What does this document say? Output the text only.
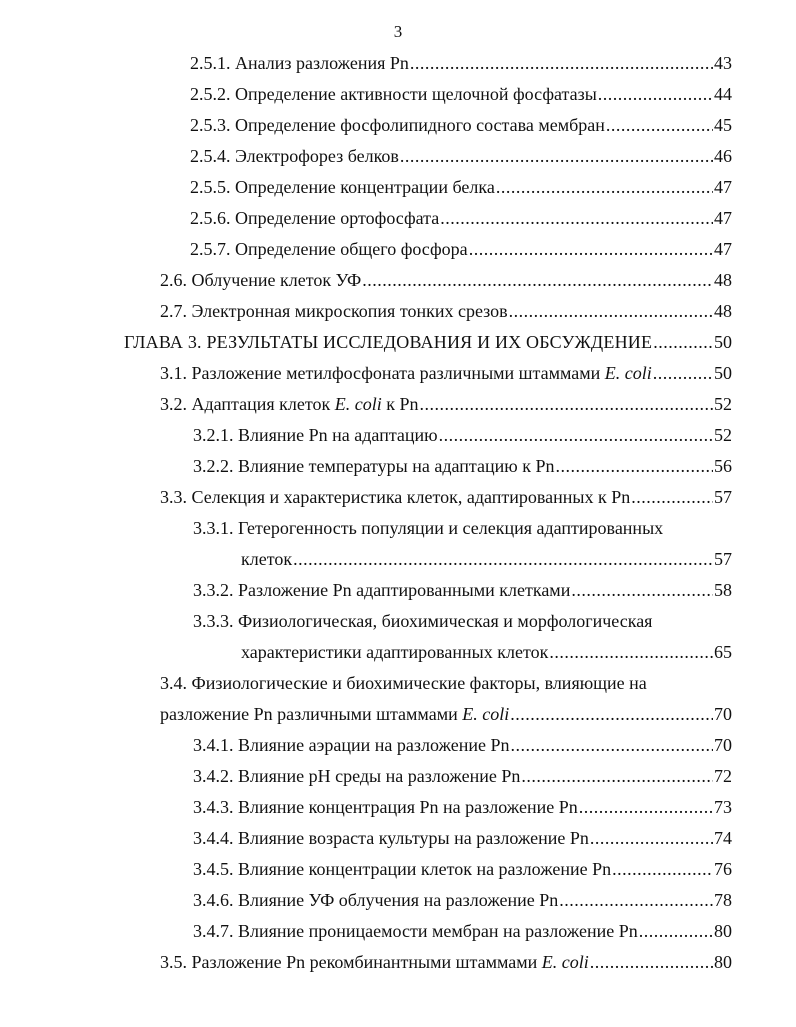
3
2.5.1. Анализ разложения Pn .....	43
2.5.2. Определение активности щелочной фосфатазы .....	44
2.5.3. Определение фосфолипидного состава мембран .....	45
2.5.4. Электрофорез белков .....	46
2.5.5. Определение концентрации белка .....	47
2.5.6. Определение ортофосфата .....	47
2.5.7. Определение общего фосфора .....	47
2.6. Облучение клеток УФ .....	48
2.7. Электронная микроскопия тонких срезов .....	48
ГЛАВА 3. РЕЗУЛЬТАТЫ ИССЛЕДОВАНИЯ И ИХ ОБСУЖДЕНИЕ .....	50
3.1. Разложение метилфосфоната различными штаммами E. coli .....	50
3.2. Адаптация клеток E. coli к Pn .....	52
3.2.1. Влияние Pn на адаптацию .....	52
3.2.2. Влияние температуры на адаптацию к Pn .....	56
3.3. Селекция и характеристика клеток, адаптированных к Pn .....	57
3.3.1. Гетерогенность популяции и селекция адаптированных
клеток .....	57
3.3.2. Разложение Pn адаптированными клетками .....	58
3.3.3. Физиологическая, биохимическая и морфологическая
характеристики адаптированных клеток .....	65
3.4. Физиологические и биохимические факторы, влияющие на
разложение Pn различными штаммами E. coli .....	70
3.4.1. Влияние аэрации на разложение Pn .....	70
3.4.2. Влияние pH среды на разложение Pn .....	72
3.4.3. Влияние концентрация Pn на разложение Pn .....	73
3.4.4. Влияние возраста культуры на разложение Pn .....	74
3.4.5. Влияние концентрации клеток на разложение Pn .....	76
3.4.6. Влияние УФ облучения на разложение Pn .....	78
3.4.7. Влияние проницаемости мембран на разложение Pn .....	80
3.5. Разложение Pn рекомбинантными штаммами E. coli .....	80
